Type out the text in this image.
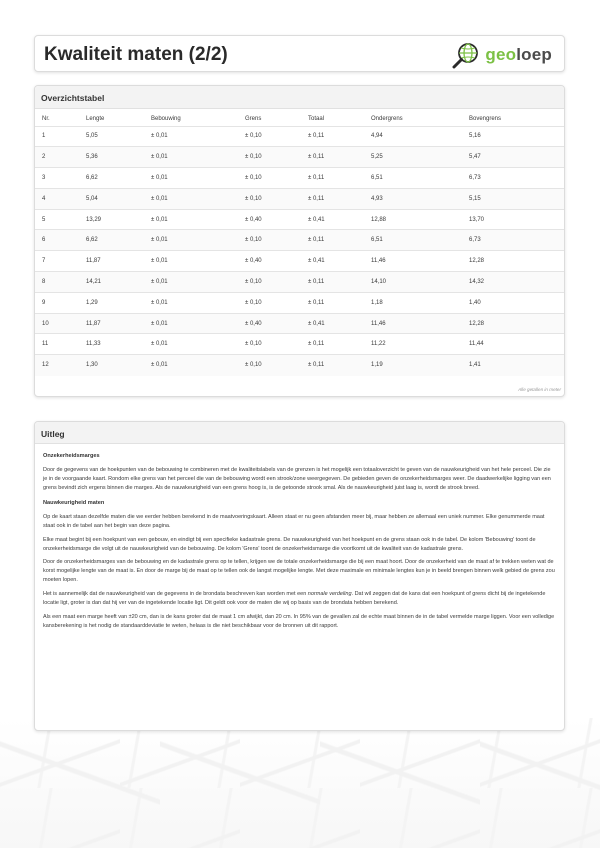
Kwaliteit maten (2/2)	geoloep
Overzichtstabel
Nr.	Lengte	Bebouwing	Grens	Totaal	Ondergrens	Bovengrens
1	5,05	± 0,01	± 0,10	± 0,11	4,94	5,16
2	5,36	± 0,01	± 0,10	± 0,11	5,25	5,47
3	6,62	± 0,01	± 0,10	± 0,11	6,51	6,73
4	5,04	± 0,01	± 0,10	± 0,11	4,93	5,15
5	13,29	± 0,01	± 0,40	± 0,41	12,88	13,70
6	6,62	± 0,01	± 0,10	± 0,11	6,51	6,73
7	11,87	± 0,01	± 0,40	± 0,41	11,46	12,28
8	14,21	± 0,01	± 0,10	± 0,11	14,10	14,32
9	1,29	± 0,01	± 0,10	± 0,11	1,18	1,40
10	11,87	± 0,01	± 0,40	± 0,41	11,46	12,28
11	11,33	± 0,01	± 0,10	± 0,11	11,22	11,44
12	1,30	± 0,01	± 0,10	± 0,11	1,19	1,41
Alle getallen in meter
Uitleg
Onzekerheidsmarges

Door de gegevens van de hoekpunten van de bebouwing te combineren met de kwaliteitslabels van de grenzen is het mogelijk een totaaloverzicht te geven van de nauwkeurigheid van het hele perceel. Die zie je in de voorgaande kaart. Rondom elke grens van het perceel die van de bebouwing wordt een strook/zone weergegeven. De gebieden geven de onzekerheidsmarges weer. De daadwerkelijke ligging van een grens bevindt zich ergens binnen die marges. Als de nauwkeurigheid van een grens hoog is, is de getoonde strook smal. Als de nauwkeurigheid juist laag is, wordt de strook breed.

Nauwkeurigheid maten

Op de kaart staan dezelfde maten die we eerder hebben berekend in de maatvoeringskaart. Alleen staat er nu geen afstanden meer bij, maar hebben ze allemaal een uniek nummer. Elke genummerde maat staat ook in de tabel aan het begin van deze pagina.

Elke maat begint bij een hoekpunt van een gebouw, en eindigt bij een specifieke kadastrale grens. De nauwkeurigheid van het hoekpunt en de grens staan ook in de tabel. De kolom 'Bebouwing' toont de onzekerheidsmarge die volgt uit de nauwkeurigheid van de bebouwing. De kolom 'Grens' toont de onzekerheidsmarge die voortkomt uit de kwaliteit van de kadastrale grens.

Door de onzekerheidsmarges van de bebouwing en de kadastrale grens op te tellen, krijgen we de totale onzekerheidsmarge die bij een maat hoort. Door de onzekerheid van de maat af te trekken weten wat de korst mogelijke lengte van de maat is. En door de marge bij de maat op te tellen ook de langst mogelijke lengte. Met deze maximale en minimale lengtes kun je in beeld brengen binnen welk gebied de grens zou moeten lopen.

Het is aannemelijk dat de nauwkeurigheid van de gegevens in de brondata beschreven kan worden met een normale verdeling. Dat wil zeggen dat de kans dat een hoekpunt of grens dicht bij de ingetekende locatie ligt, groter is dan dat hij ver van de ingetekende locatie ligt. Dit geldt ook voor de maten die wij op basis van de brondata hebben berekend.

Als een maat een marge heeft van ±20 cm, dan is de kans groter dat de maat 1 cm afwijkt, dan 20 cm. In 95% van de gevallen zal de echte maat binnen de in de tabel vermelde marge liggen. Voor een volledige kansberekening is het nodig de standaarddeviatie te weten, helaas is die niet beschikbaar voor de bronnen uit dit rapport.
